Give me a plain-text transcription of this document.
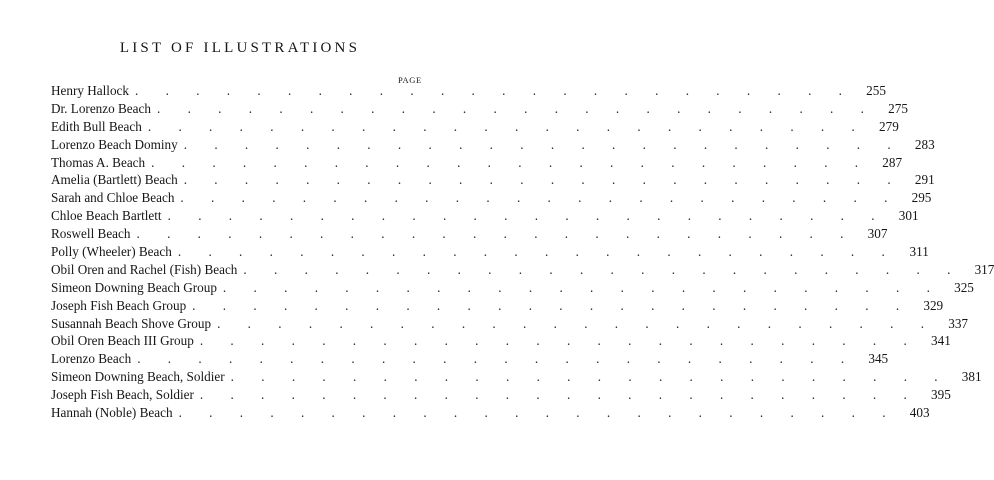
LIST OF ILLUSTRATIONS
PAGE
Henry Hallock . . . . . . . . . . . . . . . . . . . . . . . . 255
Dr. Lorenzo Beach . . . . . . . . . . . . . . . . . . . . . . . . 275
Edith Bull Beach . . . . . . . . . . . . . . . . . . . . . . . . 279
Lorenzo Beach Dominy . . . . . . . . . . . . . . . . . . . . . . . . 283
Thomas A. Beach . . . . . . . . . . . . . . . . . . . . . . . . 287
Amelia (Bartlett) Beach . . . . . . . . . . . . . . . . . . . . . . . . 291
Sarah and Chloe Beach . . . . . . . . . . . . . . . . . . . . . . . . 295
Chloe Beach Bartlett . . . . . . . . . . . . . . . . . . . . . . . . 301
Roswell Beach . . . . . . . . . . . . . . . . . . . . . . . . 307
Polly (Wheeler) Beach . . . . . . . . . . . . . . . . . . . . . . . . 311
Obil Oren and Rachel (Fish) Beach . . . . . . . . . . . . . . . . . . . . . . . . 317
Simeon Downing Beach Group . . . . . . . . . . . . . . . . . . . . . . . . 325
Joseph Fish Beach Group . . . . . . . . . . . . . . . . . . . . . . . . 329
Susannah Beach Shove Group . . . . . . . . . . . . . . . . . . . . . . . . 337
Obil Oren Beach III Group . . . . . . . . . . . . . . . . . . . . . . . . 341
Lorenzo Beach . . . . . . . . . . . . . . . . . . . . . . . . 345
Simeon Downing Beach, Soldier . . . . . . . . . . . . . . . . . . . . . . . . 381
Joseph Fish Beach, Soldier . . . . . . . . . . . . . . . . . . . . . . . . 395
Hannah (Noble) Beach . . . . . . . . . . . . . . . . . . . . . . . . 403
